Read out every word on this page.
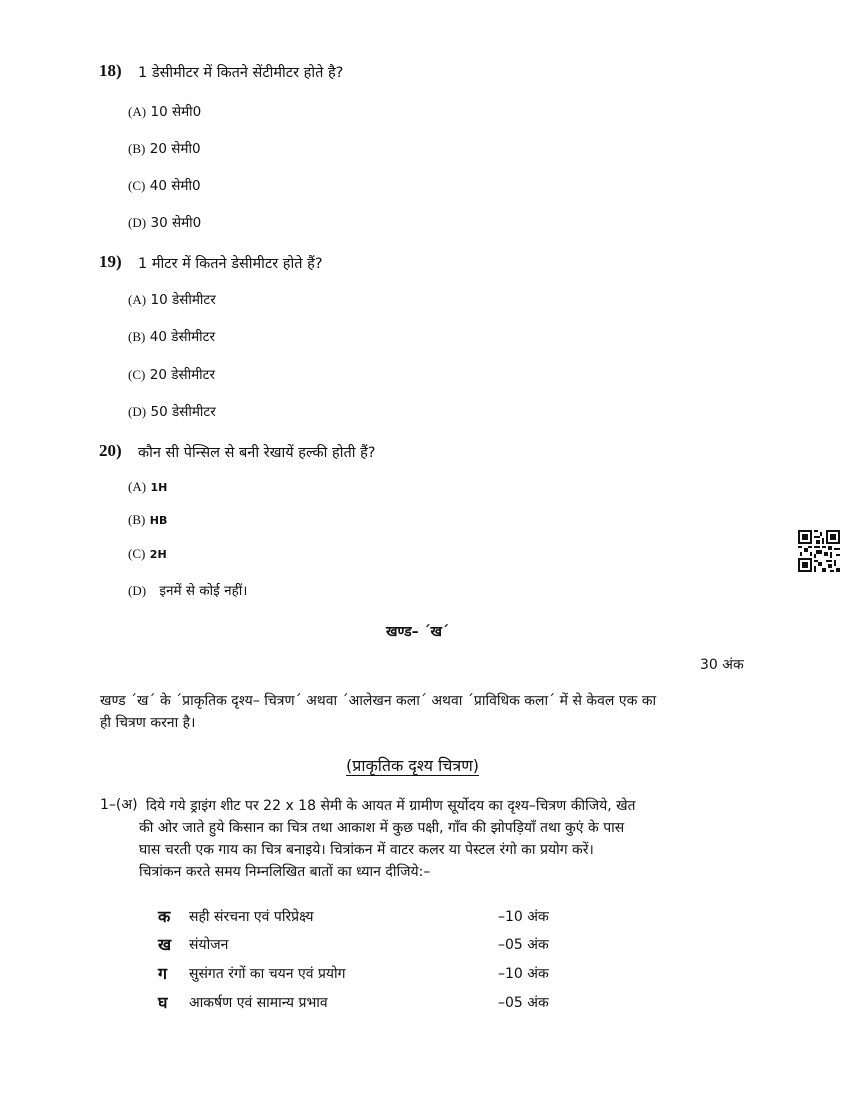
18) 1 डेसीमीटर में कितने सेंटीमीटर होते है?
(A) 10 सेमी0
(B) 20 सेमी0
(C) 40 सेमी0
(D) 30 सेमी0
19) 1 मीटर में कितने डेसीमीटर होते हैं?
(A) 10 डेसीमीटर
(B) 40 डेसीमीटर
(C) 20 डेसीमीटर
(D) 50 डेसीमीटर
20) कौन सी पेन्सिल से बनी रेखायें हल्की होती हैं?
(A) 1H
(B) HB
(C) 2H
(D) इनमें से कोई नहीं।
खण्ड– ´ख´
30 अंक
खण्ड ´ख´ के ´प्राकृतिक दृश्य– चित्रण´ अथवा ´आलेखन कला´ अथवा ´प्राविधिक कला´ में से केवल एक का
ही चित्रण करना है।
(प्राकृतिक दृश्य चित्रण)
1–(अ) दिये गये ड्राइंग शीट पर 22 x 18 सेमी के आयत में ग्रामीण सूर्योदय का दृश्य–चित्रण कीजिये, खेत
की ओर जाते हुये किसान का चित्र तथा आकाश में कुछ पक्षी, गाँव की झोपड़ियाँ तथा कुएं के पास
घास चरती एक गाय का चित्र बनाइये। चित्रांकन में वाटर कलर या पेस्टल रंगो का प्रयोग करें।
चित्रांकन करते समय निम्नलिखित बातों का ध्यान दीजिये:–
क सही संरचना एवं परिप्रेक्ष्य	–10 अंक
ख संयोजन	–05 अंक
ग सुसंगत रंगों का चयन एवं प्रयोग	–10 अंक
घ आकर्षण एवं सामान्य प्रभाव	–05 अंक
